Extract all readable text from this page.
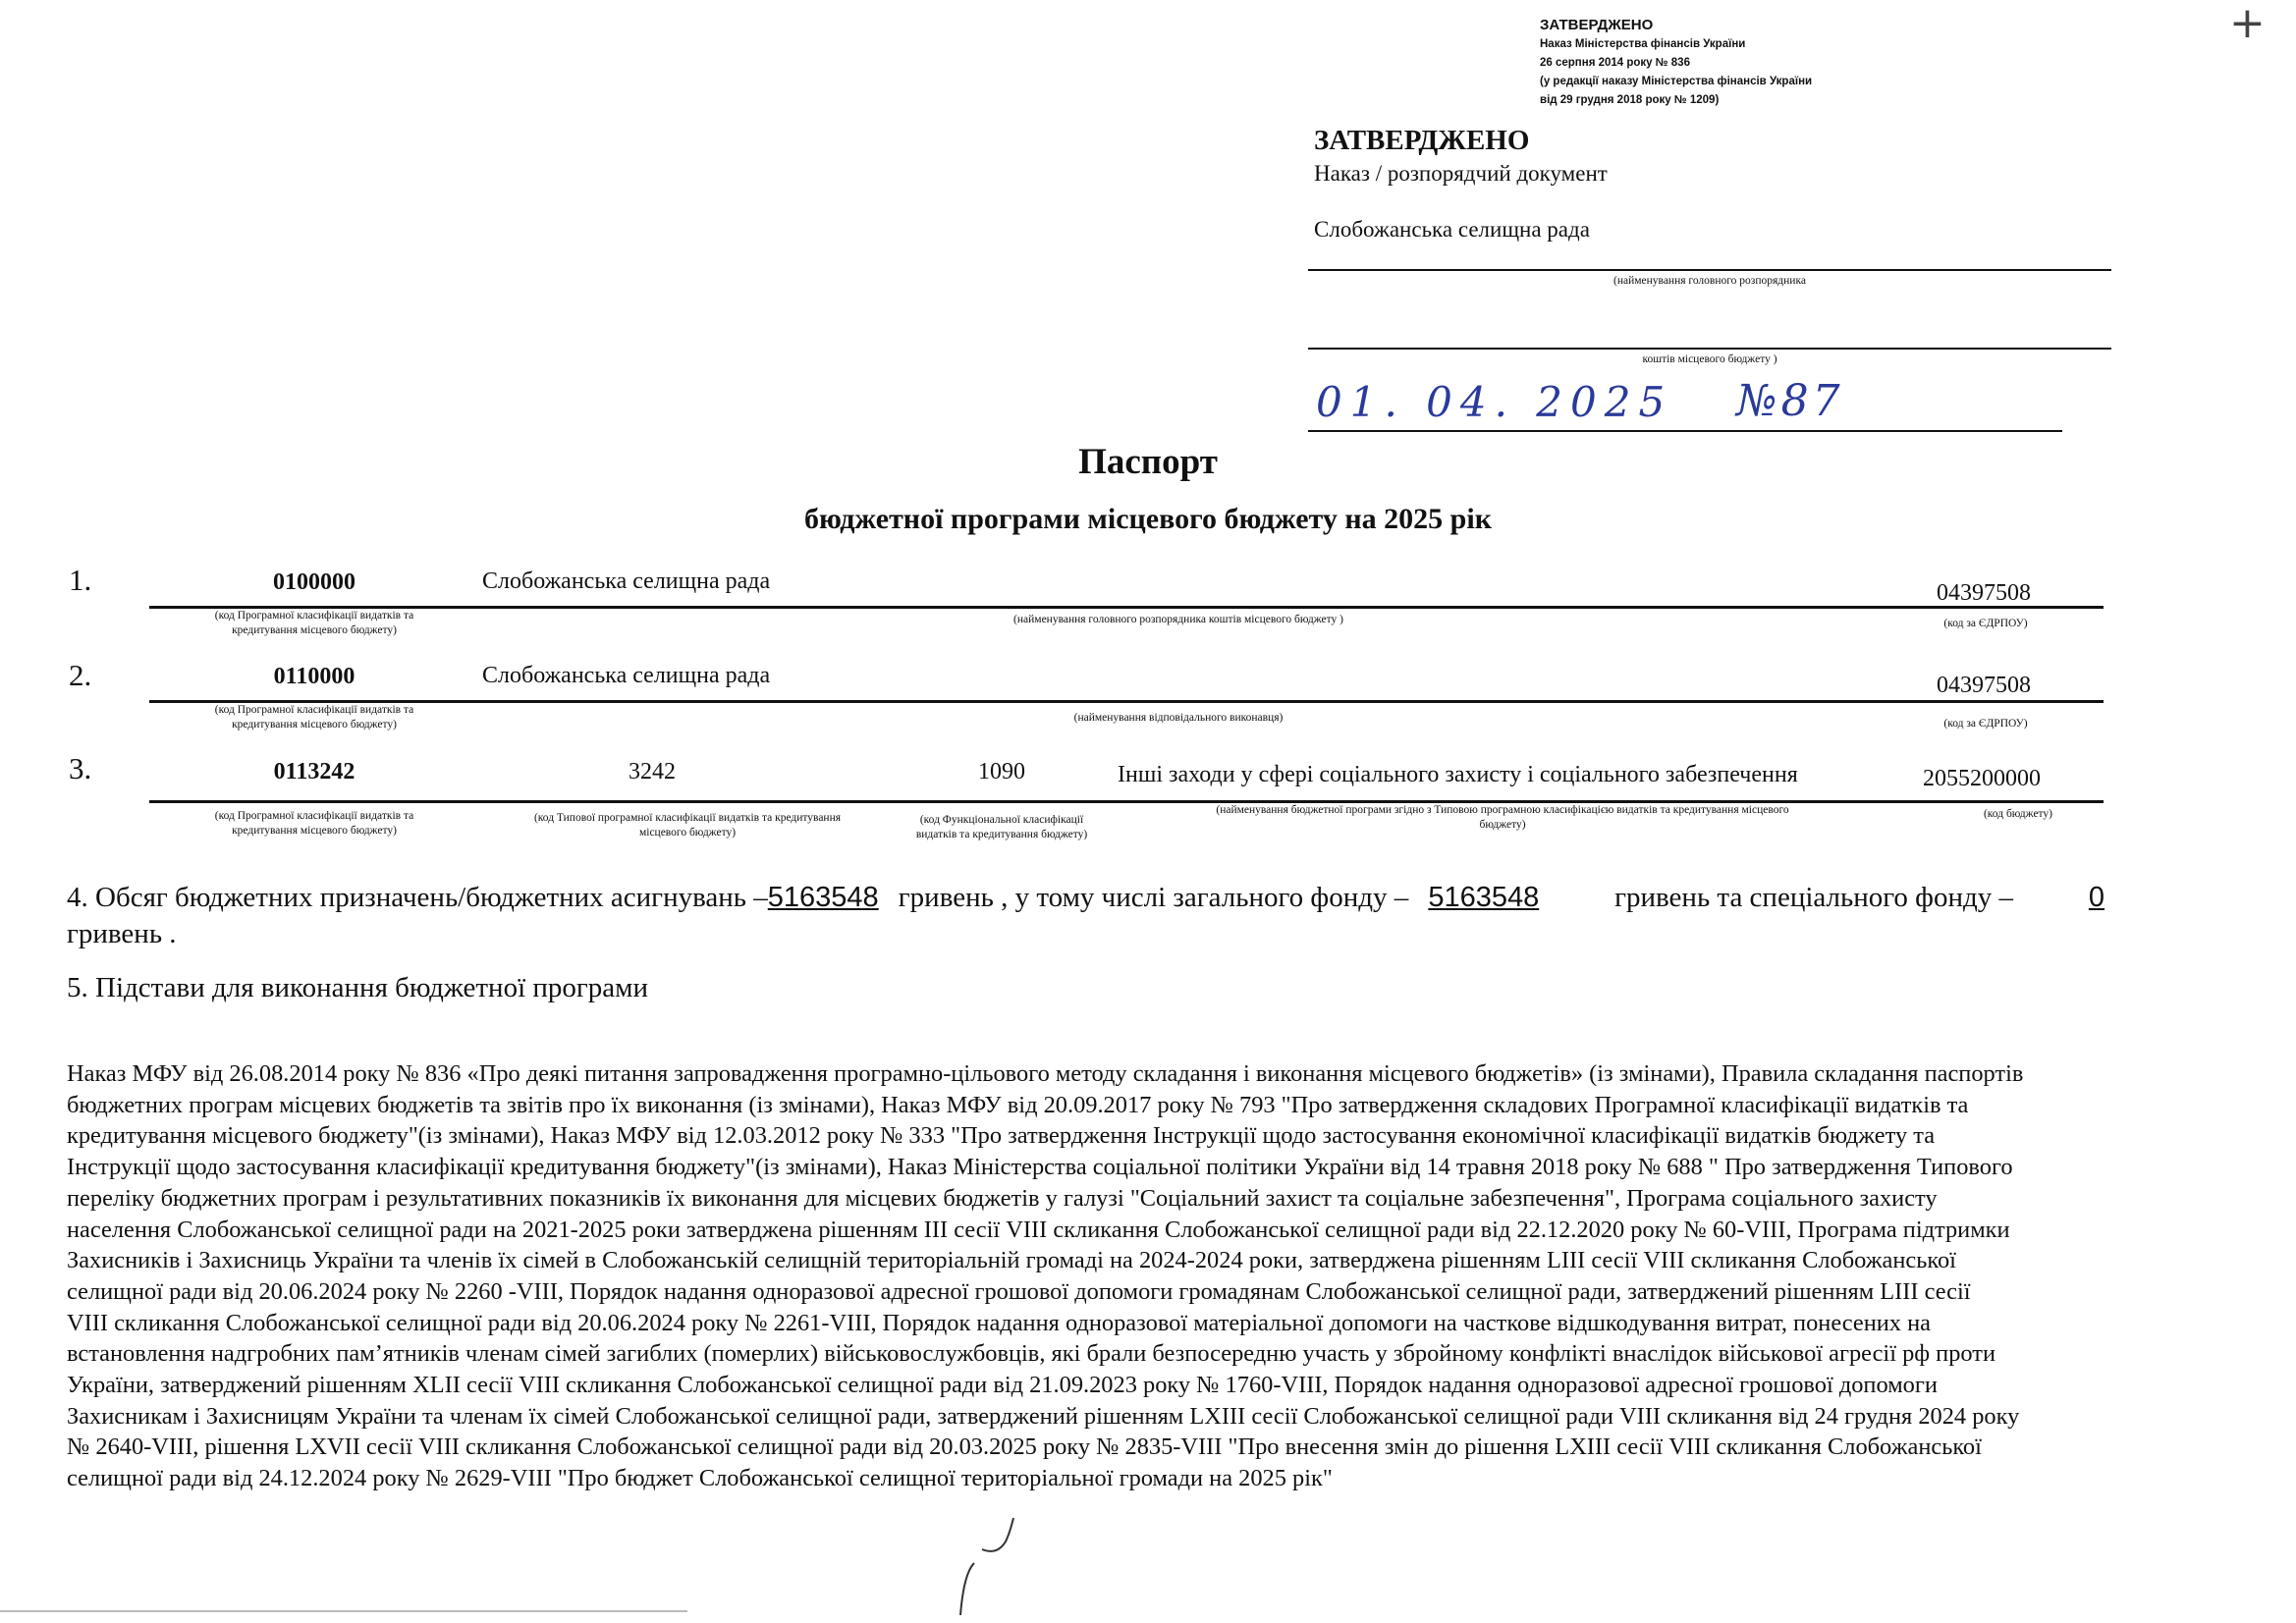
+
ЗАТВЕРДЖЕНО
Наказ Міністерства фінансів України
26 серпня 2014 року № 836
(у редакції наказу Міністерства фінансів України
від 29 грудня 2018 року № 1209)
ЗАТВЕРДЖЕНО
Наказ / розпорядчий документ
Слобожанська селищна рада
(найменування головного розпорядника
коштів місцевого бюджету )
01. 04. 2025 №87
Паспорт
бюджетної програми місцевого бюджету на 2025 рік
1.	0100000	Слобожанська селищна рада	04397508
(код Програмної класифікації видатків та
кредитування місцевого бюджету)
(найменування головного розпорядника коштів місцевого бюджету )	(код за ЄДРПОУ)
2.	0110000	Слобожанська селищна рада	04397508
(код Програмної класифікації видатків та
кредитування місцевого бюджету)
(найменування відповідального виконавця)	(код за ЄДРПОУ)
3.	0113242	3242	1090	Інші заходи у сфері соціального захисту і соціального забезпечення	2055200000
(код Програмної класифікації видатків та
кредитування місцевого бюджету)
(код Типової програмної класифікації видатків та кредитування
місцевого бюджету)
(код Функціональної класифікації
видатків та кредитування бюджету)
(найменування бюджетної програми згідно з Типовою програмною класифікацією видатків та кредитування місцевого
бюджету)
(код бюджету)
4. Обсяг бюджетних призначень/бюджетних асигнувань – 5163548 гривень , у тому числі загального фонду – 5163548	гривень та спеціального фонду –	0
гривень .
5. Підстави для виконання бюджетної програми
Наказ МФУ від 26.08.2014 року № 836 «Про деякі питання запровадження програмно-цільового методу складання і виконання місцевого бюджетів» (із змінами), Правила складання паспортів
бюджетних програм місцевих бюджетів та звітів про їх виконання (із змінами), Наказ МФУ від 20.09.2017 року № 793 "Про затвердження складових Програмної класифікації видатків та
кредитування місцевого бюджету"(із змінами), Наказ МФУ від 12.03.2012 року № 333 "Про затвердження Інструкції щодо застосування економічної класифікації видатків бюджету та
Інструкції щодо застосування класифікації кредитування бюджету"(із змінами), Наказ Міністерства соціальної політики України від 14 травня 2018 року № 688 " Про затвердження Типового
переліку бюджетних програм і результативних показників їх виконання для місцевих бюджетів у галузі "Соціальний захист та соціальне забезпечення", Програма соціального захисту
населення Слобожанської селищної ради на 2021-2025 роки затверджена рішенням ІІІ сесії VIII скликання Слобожанської селищної ради від 22.12.2020 року № 60-VIII, Програма підтримки
Захисників і Захисниць України та членів їх сімей в Слобожанській селищній територіальній громаді на 2024-2024 роки, затверджена рішенням LIII сесії VIII скликання Слобожанської
селищної ради від 20.06.2024 року № 2260 -VIII, Порядок надання одноразової адресної грошової допомоги громадянам Слобожанської селищної ради, затверджений рішенням LIII сесії
VIII скликання Слобожанської селищної ради від 20.06.2024 року № 2261-VIII, Порядок надання одноразової матеріальної допомоги на часткове відшкодування витрат, понесених на
встановлення надгробних пам’ятників членам сімей загиблих (померлих) військовослужбовців, які брали безпосередню участь у збройному конфлікті внаслідок військової агресії рф проти
України, затверджений рішенням XLII сесії VIII скликання Слобожанської селищної ради від 21.09.2023 року № 1760-VIII, Порядок надання одноразової адресної грошової допомоги
Захисникам і Захисницям України та членам їх сімей Слобожанської селищної ради, затверджений рішенням LXIII сесії Слобожанської селищної ради VIII скликання від 24 грудня 2024 року
№ 2640-VIII, рішення LXVII сесії VIII скликання Слобожанської селищної ради від 20.03.2025 року № 2835-VIII "Про внесення змін до рішення LXIII сесії VIII скликання Слобожанської
селищної ради від 24.12.2024 року № 2629-VIII "Про бюджет Слобожанської селищної територіальної громади на 2025 рік"
